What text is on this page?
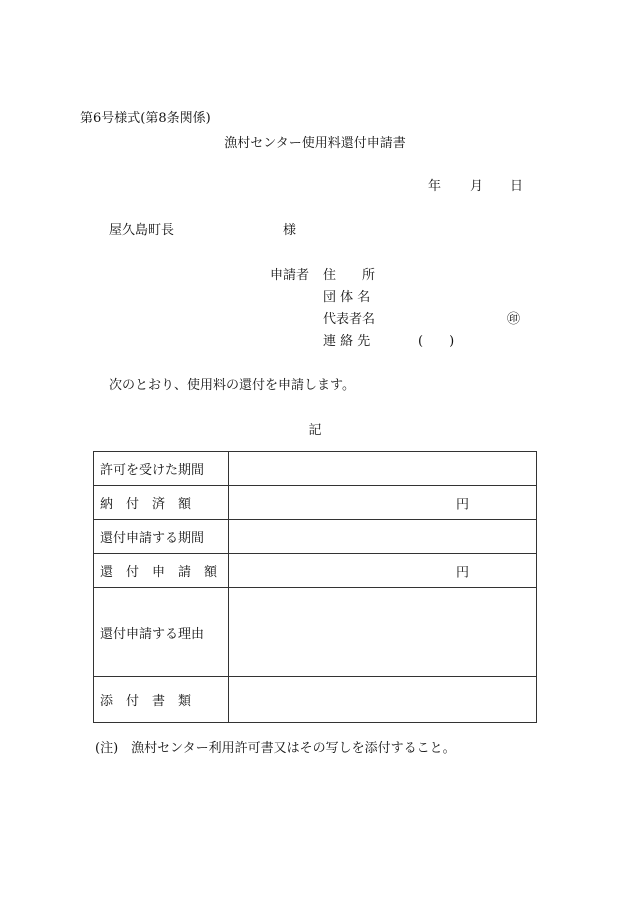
第6号様式(第8条関係)
漁村センター使用料還付申請書
年 月 日
屋久島町長	様
申請者 住　　所
団 体 名
代表者名
連 絡 先
㊞
(　　)
次のとおり、使用料の還付を申請します。
記
許可を受けた期間	
納　付　済　額	円

還付申請する期間	
還　付　申　請　額	円

還付申請する理由	
添　付　書　類	
(注)　漁村センター利用許可書又はその写しを添付すること。
